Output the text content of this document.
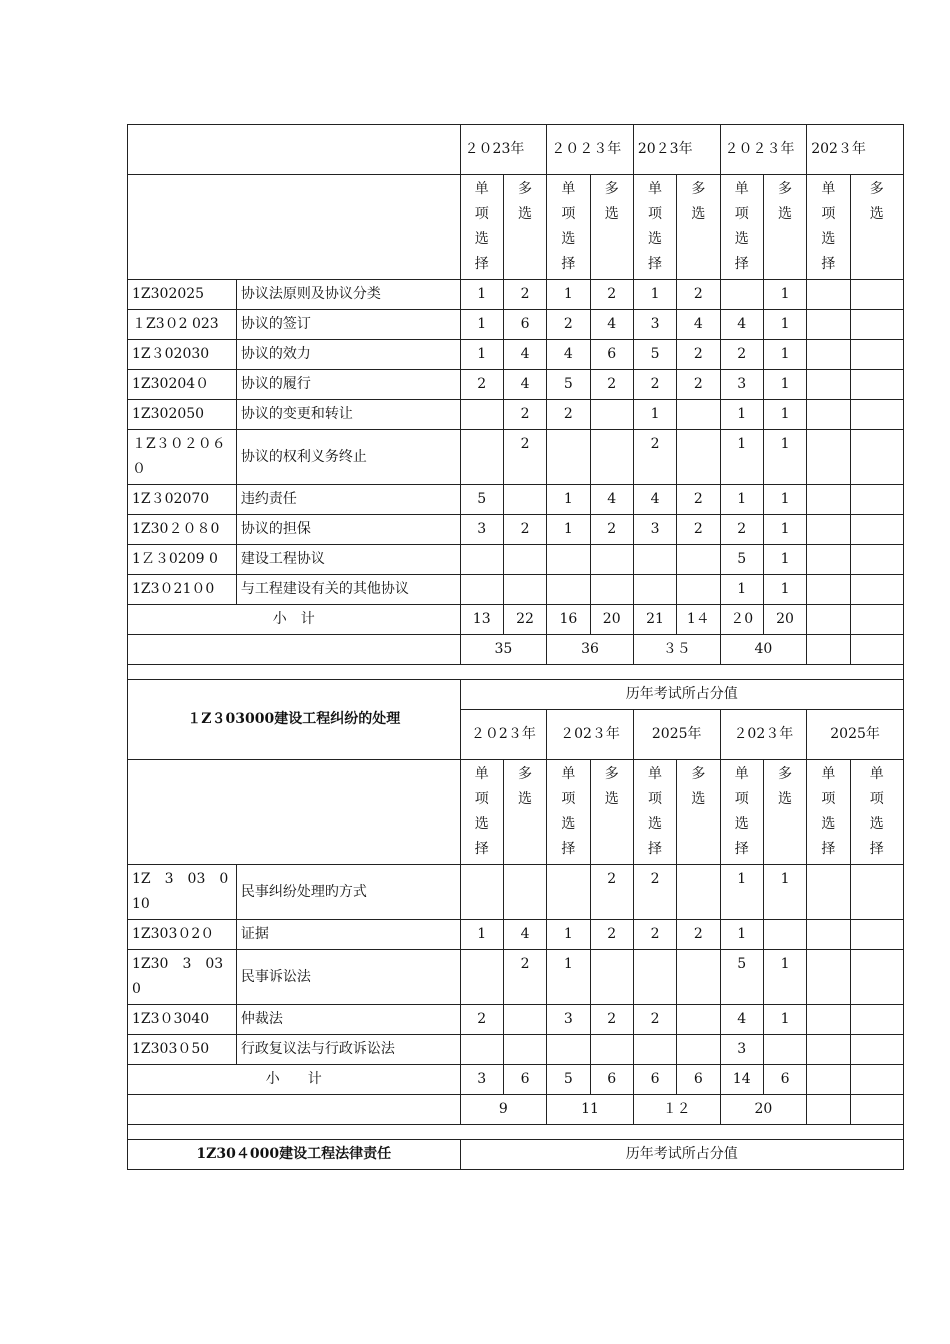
		２０23年		２０２３年		20２3年		２０２３年		202３年	
		单项选择	多选	单项选择	多选	单项选择	多选	单项选择	多选	单项选择	多选
1Z302025	协议法原则及协议分类	1	2	1	2	1	2		1		
１Z3０2 023	协议的签订	1	6	2	4	3	4	4	1		
1Z３02030	协议的效力	1	4	4	6	5	2	2	1		
1Z30204０	协议的履行	2	4	5	2	2	2	3	1		
1Z302050	协议的变更和转让		2	2		1		1	1		
１Z３０２０６０	协议的权利义务终止		2			2		1	1		
1Z３02070	违约责任	5		1	4	4	2	1	1		
1Z30２０８0	协议的担保	3	2	1	2	3	2	2	1		
1Ｚ３0209 0	建设工程协议							5	1		
1Z3０21０0	与工程建设有关的其他协议							1	1		
小　计		13	22	16	20	21	1４	２0	20		
		35		36		３５		40			

１Z３03000建设工程纠纷的处理		历年考试所占分值									
		２０2３年		２02３年		2025年		２02３年		2025年	
		单项选择	多选	单项选择	多选	单项选择	多选	单项选择	多选	单项选择	单项选择
1Z　3　03　0 10	民事纠纷处理旳方式				2	2		1	1		
1Z303０2０	证据	1	4	1	2	2	2	1			
1Z30　3　03 0	民事诉讼法		2	1				5	1		
1Z3０3040	仲裁法	2		3	2	2		4	1		
1Z303０50	行政复议法与行政诉讼法							3			
小　　计		3	6	5	6	6	6	14	6		
		9		11		１２		20			

1Z30４000建设工程法律责任		历年考试所占分值									
